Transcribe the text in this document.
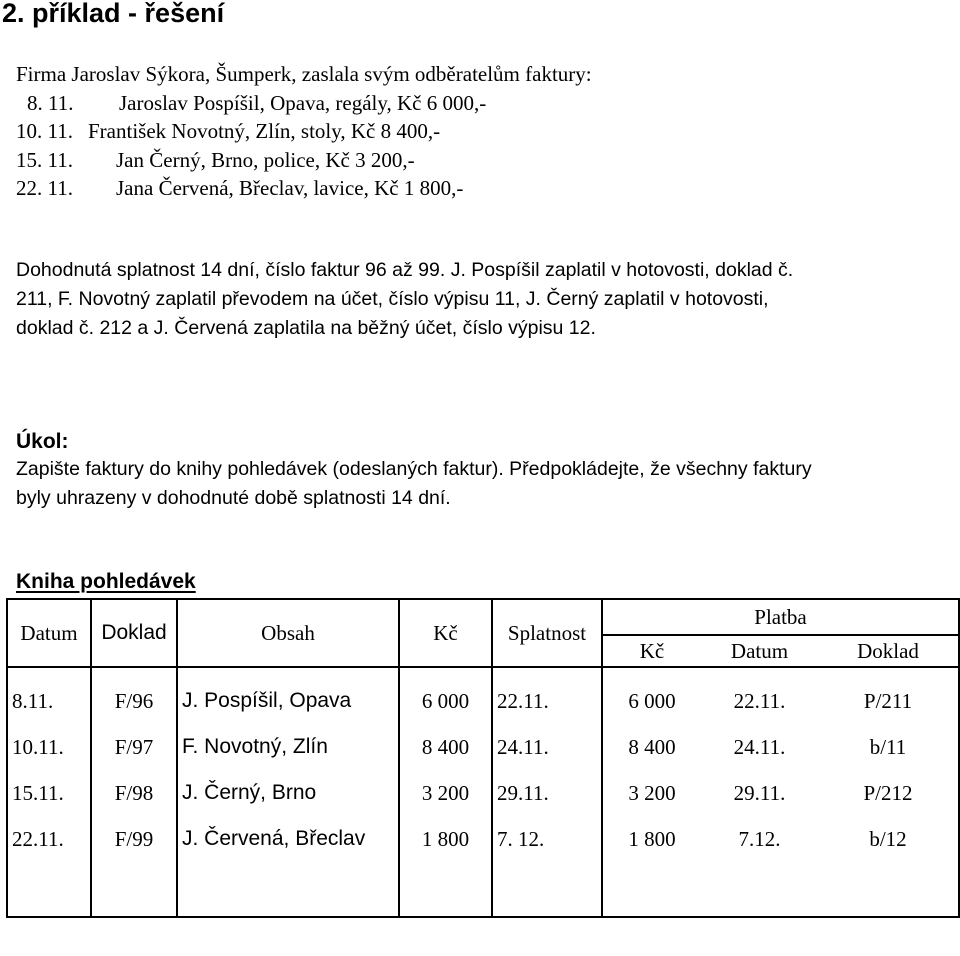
2. příklad - řešení
Firma Jaroslav Sýkora, Šumperk, zaslala svým odběratelům faktury:
8. 11. Jaroslav Pospíšil, Opava, regály, Kč 6 000,-
10. 11. František Novotný, Zlín, stoly, Kč 8 400,-
15. 11. Jan Černý, Brno, police, Kč 3 200,-
22. 11. Jana Červená, Břeclav, lavice, Kč 1 800,-
Dohodnutá splatnost 14 dní, číslo faktur 96 až 99. J. Pospíšil zaplatil v hotovosti, doklad č.
211, F. Novotný zaplatil převodem na účet, číslo výpisu 11, J. Černý zaplatil v hotovosti,
doklad č. 212 a J. Červená zaplatila na běžný účet, číslo výpisu 12.
Úkol:
Zapište faktury do knihy pohledávek (odeslaných faktur). Předpokládejte, že všechny faktury
byly uhrazeny v dohodnuté době splatnosti 14 dní.
Kniha pohledávek
Datum	Doklad	Obsah	Kč	Splatnost	Platba		
					Kč	Datum	Doklad

8.11.	F/96	J. Pospíšil, Opava	6 000	22.11.	6 000	22.11.	P/211
10.11.	F/97	F. Novotný, Zlín	8 400	24.11.	8 400	24.11.	b/11
15.11.	F/98	J. Černý, Brno	3 200	29.11.	3 200	29.11.	P/212
22.11.	F/99	J. Červená, Břeclav	1 800	7. 12.	1 800	7.12.	b/12
